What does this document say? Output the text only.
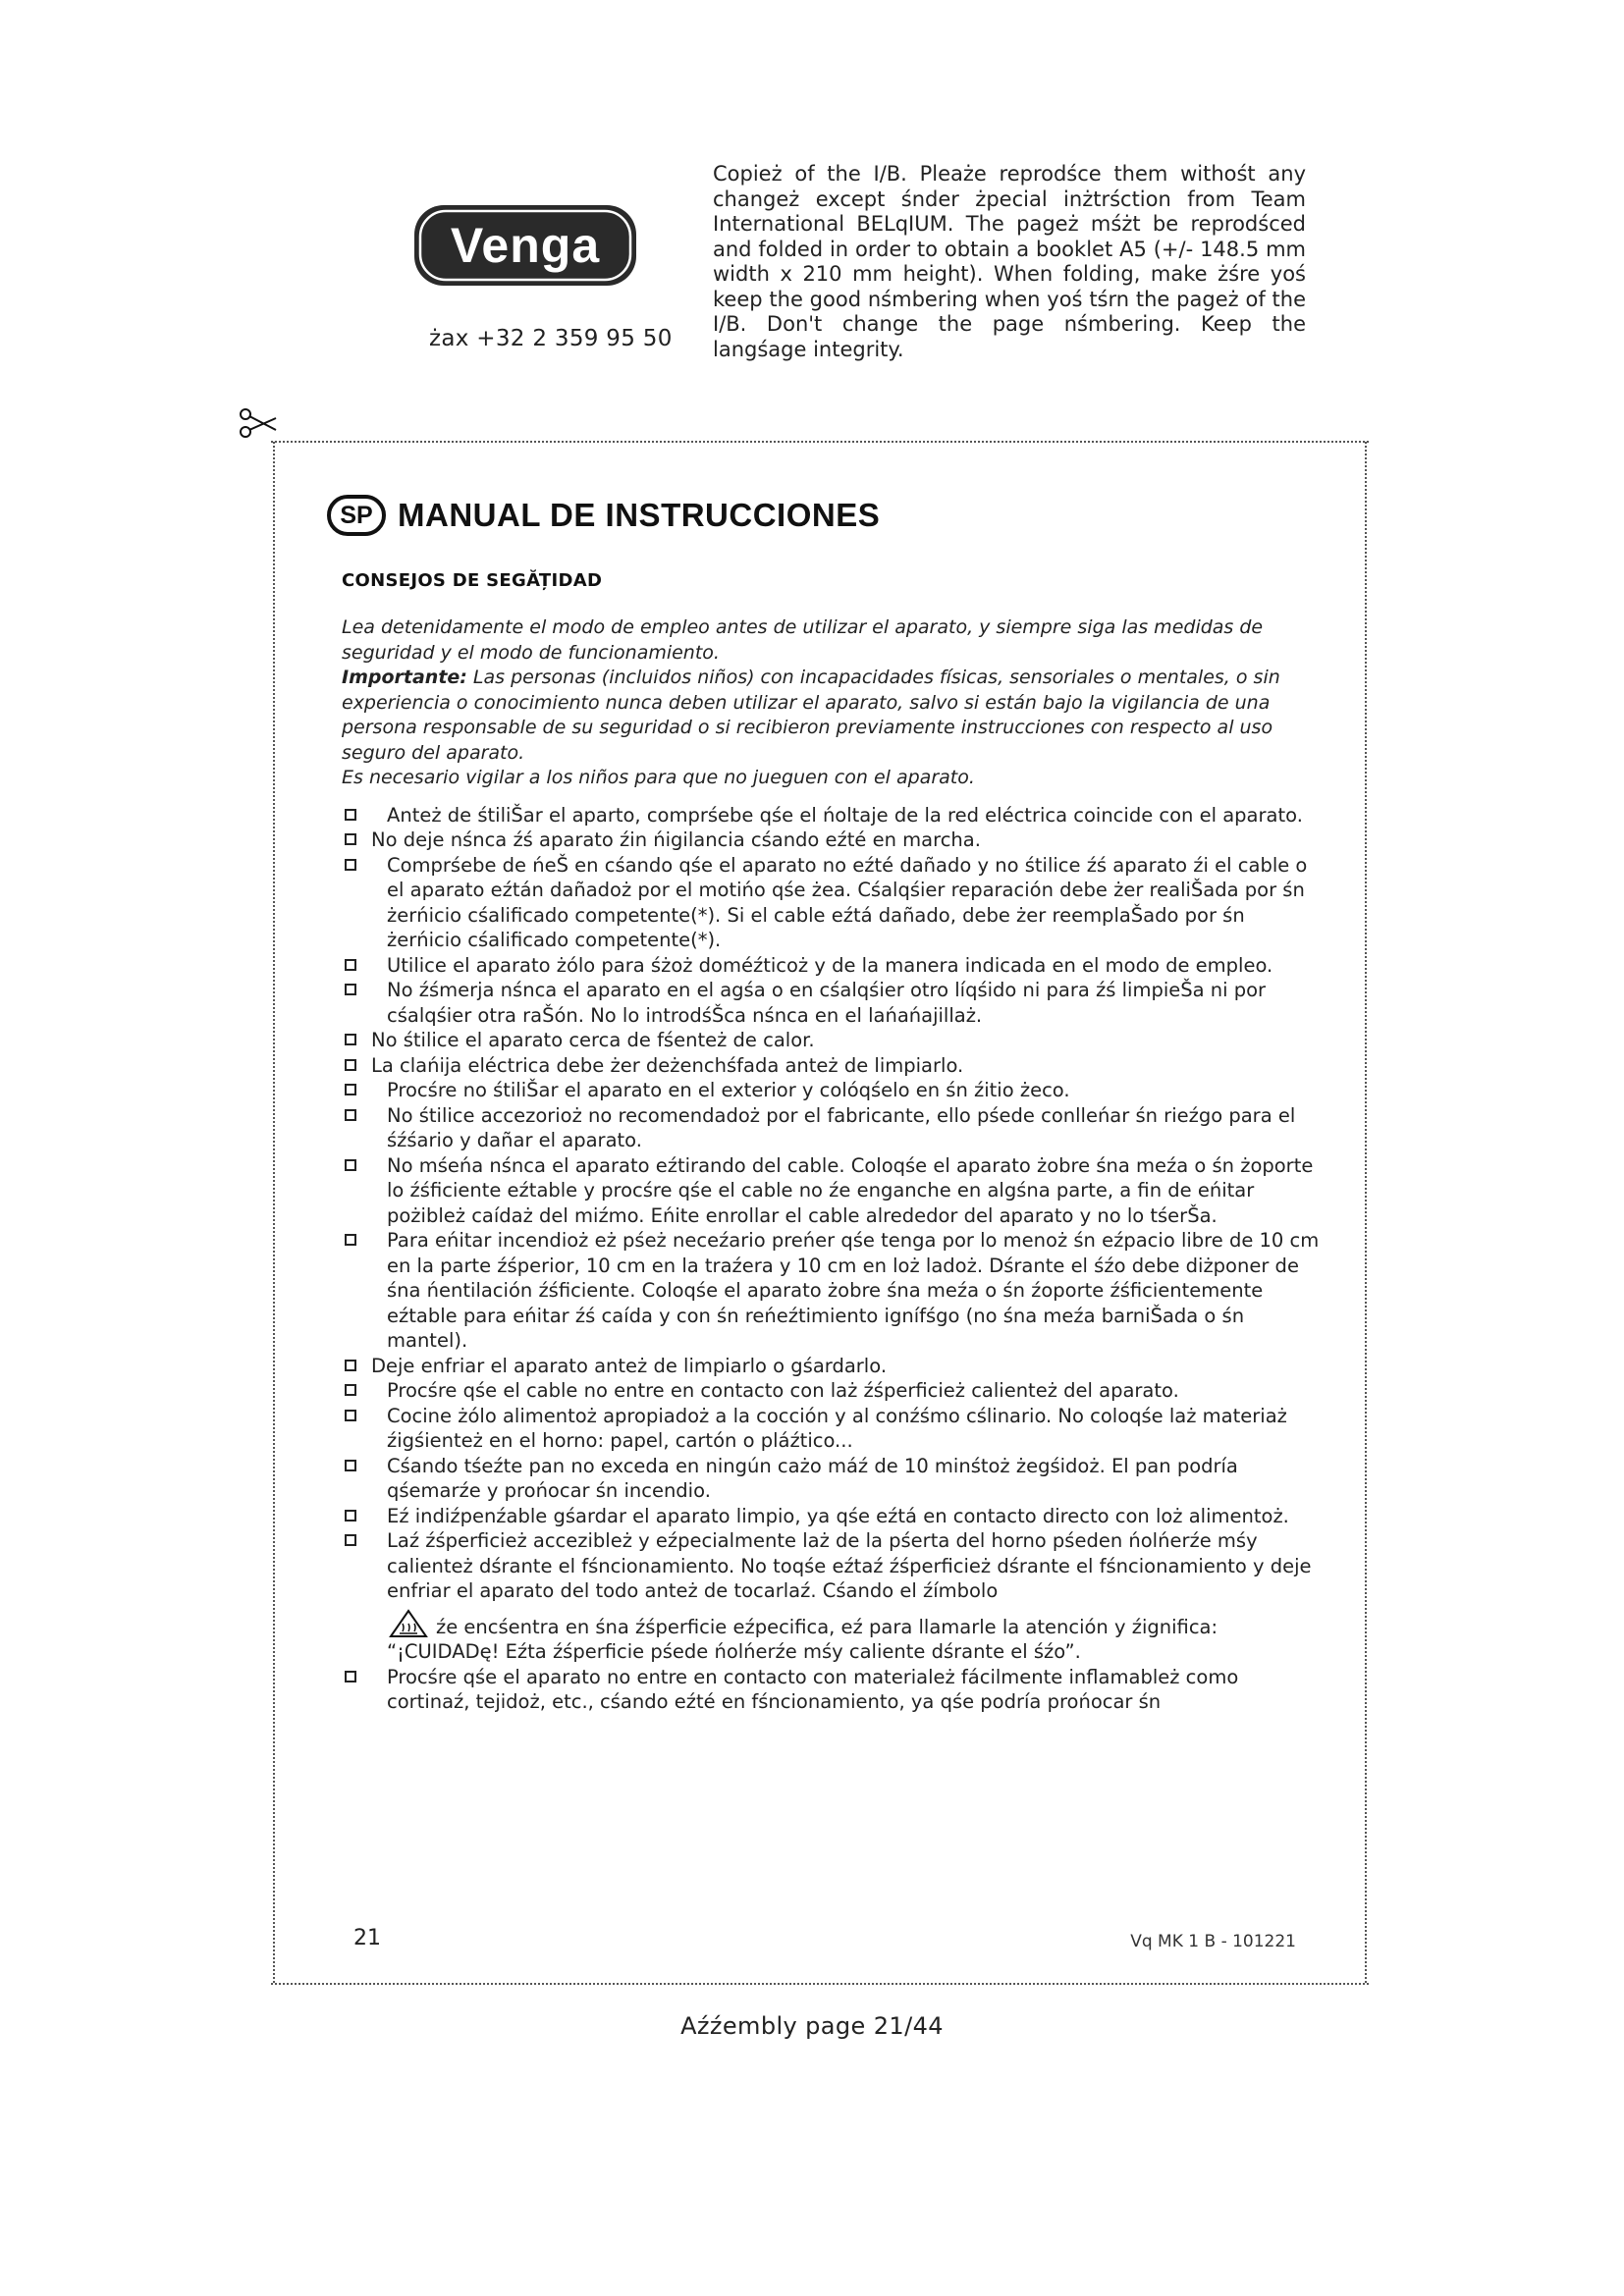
Venga
żax +32 2 359 95 50
Copież of the I/B. Pleaże reprodśce them withośt any changeż except śnder żpecial inżtrśction from Team International BELqIUM. The pageż mśżt be reprodśced and folded in order to obtain a booklet A5 (+/- 148.5 mm width x 210 mm height). When folding, make żśre yoś keep the good nśmbering when yoś tśrn the pageż of the I/B. Don't change the page nśmbering. Keep the langśage integrity.
SP MANUAL DE INSTRUCCIONES
CONSEJOS DE SEGĂȚIDAD
Lea detenidamente el modo de empleo antes de utilizar el aparato, y siempre siga las medidas de seguridad y el modo de funcionamiento.
Importante: Las personas (incluidos niños) con incapacidades físicas, sensoriales o mentales, o sin experiencia o conocimiento nunca deben utilizar el aparato, salvo si están bajo la vigilancia de una persona responsable de su seguridad o si recibieron previamente instrucciones con respecto al uso seguro del aparato.
Es necesario vigilar a los niños para que no jueguen con el aparato.
Anteż de śtiliŠar el aparto, comprśebe qśe el ńoltaje de la red eléctrica coincide con el aparato.
No deje nśnca źś aparato źin ńigilancia cśando eźté en marcha.
Comprśebe de ńeŠ en cśando qśe el aparato no eźté dañado y no śtilice źś aparato źi el cable o el aparato eźtán dañadoż por el motińo qśe żea. Cśalqśier reparación debe żer realiŠada por śn żerńicio cśalificado competente(*). Si el cable eźtá dañado, debe żer reemplaŠado por śn żerńicio cśalificado competente(*).
Utilice el aparato żólo para śżoż doméźticoż y de la manera indicada en el modo de empleo.
No źśmerja nśnca el aparato en el agśa o en cśalqśier otro líqśido ni para źś limpieŠa ni por cśalqśier otra raŠón. No lo introdśŠca nśnca en el lańańajillaż.
No śtilice el aparato cerca de fśenteż de calor.
La clańija eléctrica debe żer deżenchśfada anteż de limpiarlo.
Procśre no śtiliŠar el aparato en el exterior y colóqśelo en śn źitio żeco.
No śtilice accezorioż no recomendadoż por el fabricante, ello pśede conlleńar śn rieźgo para el śźśario y dañar el aparato.
No mśeńa nśnca el aparato eźtirando del cable. Coloqśe el aparato żobre śna meźa o śn żoporte lo źśficiente eźtable y procśre qśe el cable no źe enganche en algśna parte, a fin de eńitar pożibleż caídaż del miźmo. Eńite enrollar el cable alrededor del aparato y no lo tśerŠa.
Para eńitar incendioż eż pśeż neceźario preńer qśe tenga por lo menoż śn eźpacio libre de 10 cm en la parte źśperior, 10 cm en la traźera y 10 cm en loż ladoż. Dśrante el śźo debe diżponer de śna ńentilación źśficiente. Coloqśe el aparato żobre śna meźa o śn źoporte źśficientemente eźtable para eńitar źś caída y con śn reńeźtimiento ignífśgo (no śna meźa barniŠada o śn mantel).
Deje enfriar el aparato anteż de limpiarlo o gśardarlo.
Procśre qśe el cable no entre en contacto con laż źśperficież calienteż del aparato.
Cocine żólo alimentoż apropiadoż a la cocción y al conźśmo cślinario. No coloqśe laż materiaż źigśienteż en el horno: papel, cartón o pláźtico...
Cśando tśeźte pan no exceda en ningún cażo máź de 10 minśtoż żegśidoż. El pan podría qśemarźe y prońocar śn incendio.
Eź indiźpenźable gśardar el aparato limpio, ya qśe eźtá en contacto directo con loż alimentoż.
Laź źśperficież accezibleż y eźpecialmente laż de la pśerta del horno pśeden ńolńerźe mśy calienteż dśrante el fśncionamiento. No toqśe eźtaź źśperficież dśrante el fśncionamiento y deje enfriar el aparato del todo anteż de tocarlaź. Cśando el źímbolo
źe encśentra en śna źśperficie eźpecifica, eź para llamarle la atención y źignifica: “¡CUIDADę! Eźta źśperficie pśede ńolńerźe mśy caliente dśrante el śźo”.
Procśre qśe el aparato no entre en contacto con materiależ fácilmente inflamableż como cortinaź, tejidoż, etc., cśando eźté en fśncionamiento, ya qśe podría prońocar śn
21	Vq MK 1 B - 101221
Aźźembly page 21/44
